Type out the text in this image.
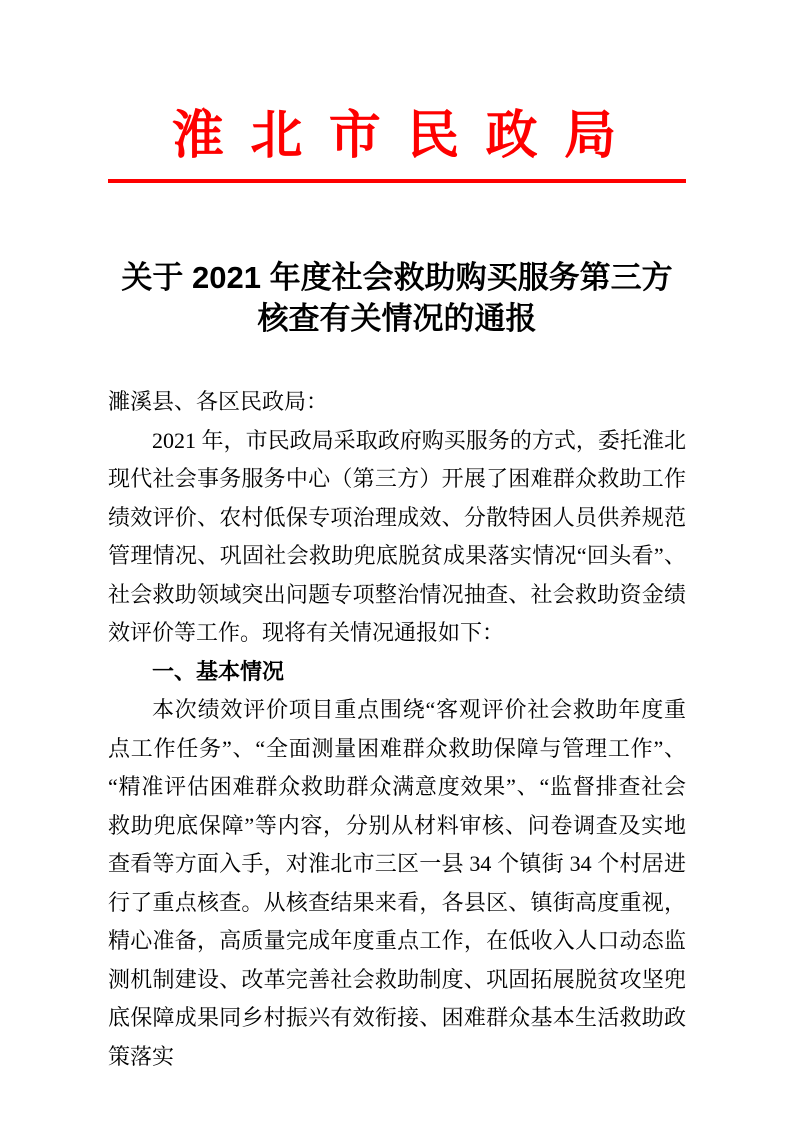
淮 北 市 民 政 局
关于 2021 年度社会救助购买服务第三方
核查有关情况的通报

濉溪县、各区民政局：

2021 年，市民政局采取政府购买服务的方式，委托淮北现代社会事务服务中心（第三方）开展了困难群众救助工作绩效评价、农村低保专项治理成效、分散特困人员供养规范管理情况、巩固社会救助兜底脱贫成果落实情况“回头看”、社会救助领域突出问题专项整治情况抽查、社会救助资金绩效评价等工作。现将有关情况通报如下：

一、基本情况

本次绩效评价项目重点围绕“客观评价社会救助年度重点工作任务”、“全面测量困难群众救助保障与管理工作”、“精准评估困难群众救助群众满意度效果”、“监督排查社会救助兜底保障”等内容，分别从材料审核、问卷调查及实地查看等方面入手，对淮北市三区一县 34 个镇街 34 个村居进行了重点核查。从核查结果来看，各县区、镇街高度重视，精心准备，高质量完成年度重点工作，在低收入人口动态监测机制建设、改革完善社会救助制度、巩固拓展脱贫攻坚兜底保障成果同乡村振兴有效衔接、困难群众基本生活救助政策落实
